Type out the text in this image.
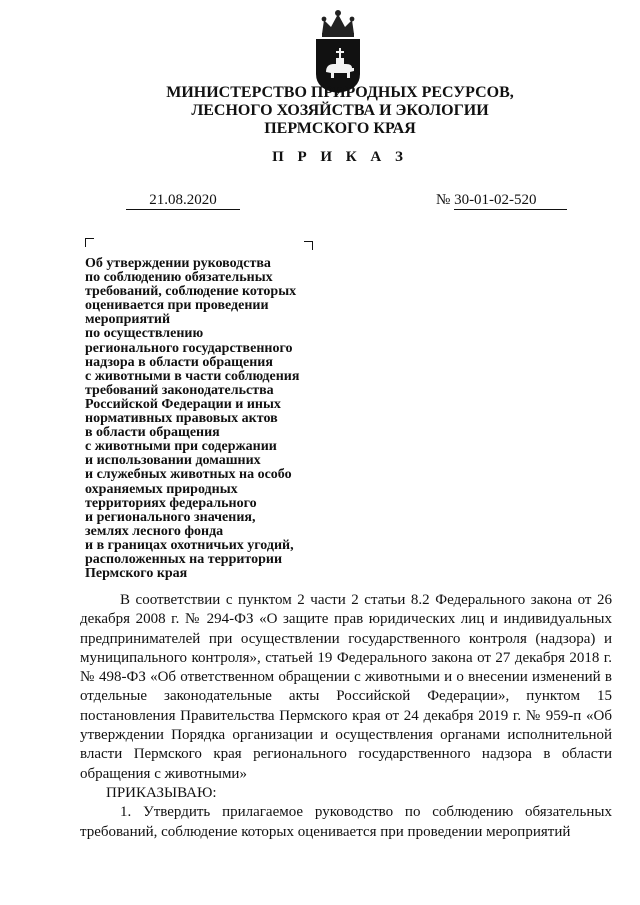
МИНИСТЕРСТВО ПРИРОДНЫХ РЕСУРСОВ,
ЛЕСНОГО ХОЗЯЙСТВА И ЭКОЛОГИИ
ПЕРМСКОГО КРАЯ
П Р И К А З
21.08.2020	№ 30-01-02-520
Об утверждении руководства
по соблюдению обязательных
требований, соблюдение которых
оценивается при проведении
мероприятий
по осуществлению
регионального государственного
надзора в области обращения
с животными в части соблюдения
требований законодательства
Российской Федерации и иных
нормативных правовых актов
в области обращения
с животными при содержании
и использовании домашних
и служебных животных на особо
охраняемых природных
территориях федерального
и регионального значения,
землях лесного фонда
и в границах охотничьих угодий,
расположенных на территории
Пермского края

В соответствии с пунктом 2 части 2 статьи 8.2 Федерального закона от 26 декабря 2008 г. № 294-ФЗ «О защите прав юридических лиц и индивидуальных предпринимателей при осуществлении государственного контроля (надзора) и муниципального контроля», статьей 19 Федерального закона от 27 декабря 2018 г. № 498-ФЗ «Об ответственном обращении с животными и о внесении изменений в отдельные законодательные акты Российской Федерации», пунктом 15 постановления Правительства Пермского края от 24 декабря 2019 г. № 959-п «Об утверждении Порядка организации и осуществления органами исполнительной власти Пермского края регионального государственного надзора в области обращения с животными»

ПРИКАЗЫВАЮ:

1. Утвердить прилагаемое руководство по соблюдению обязательных требований, соблюдение которых оценивается при проведении мероприятий
